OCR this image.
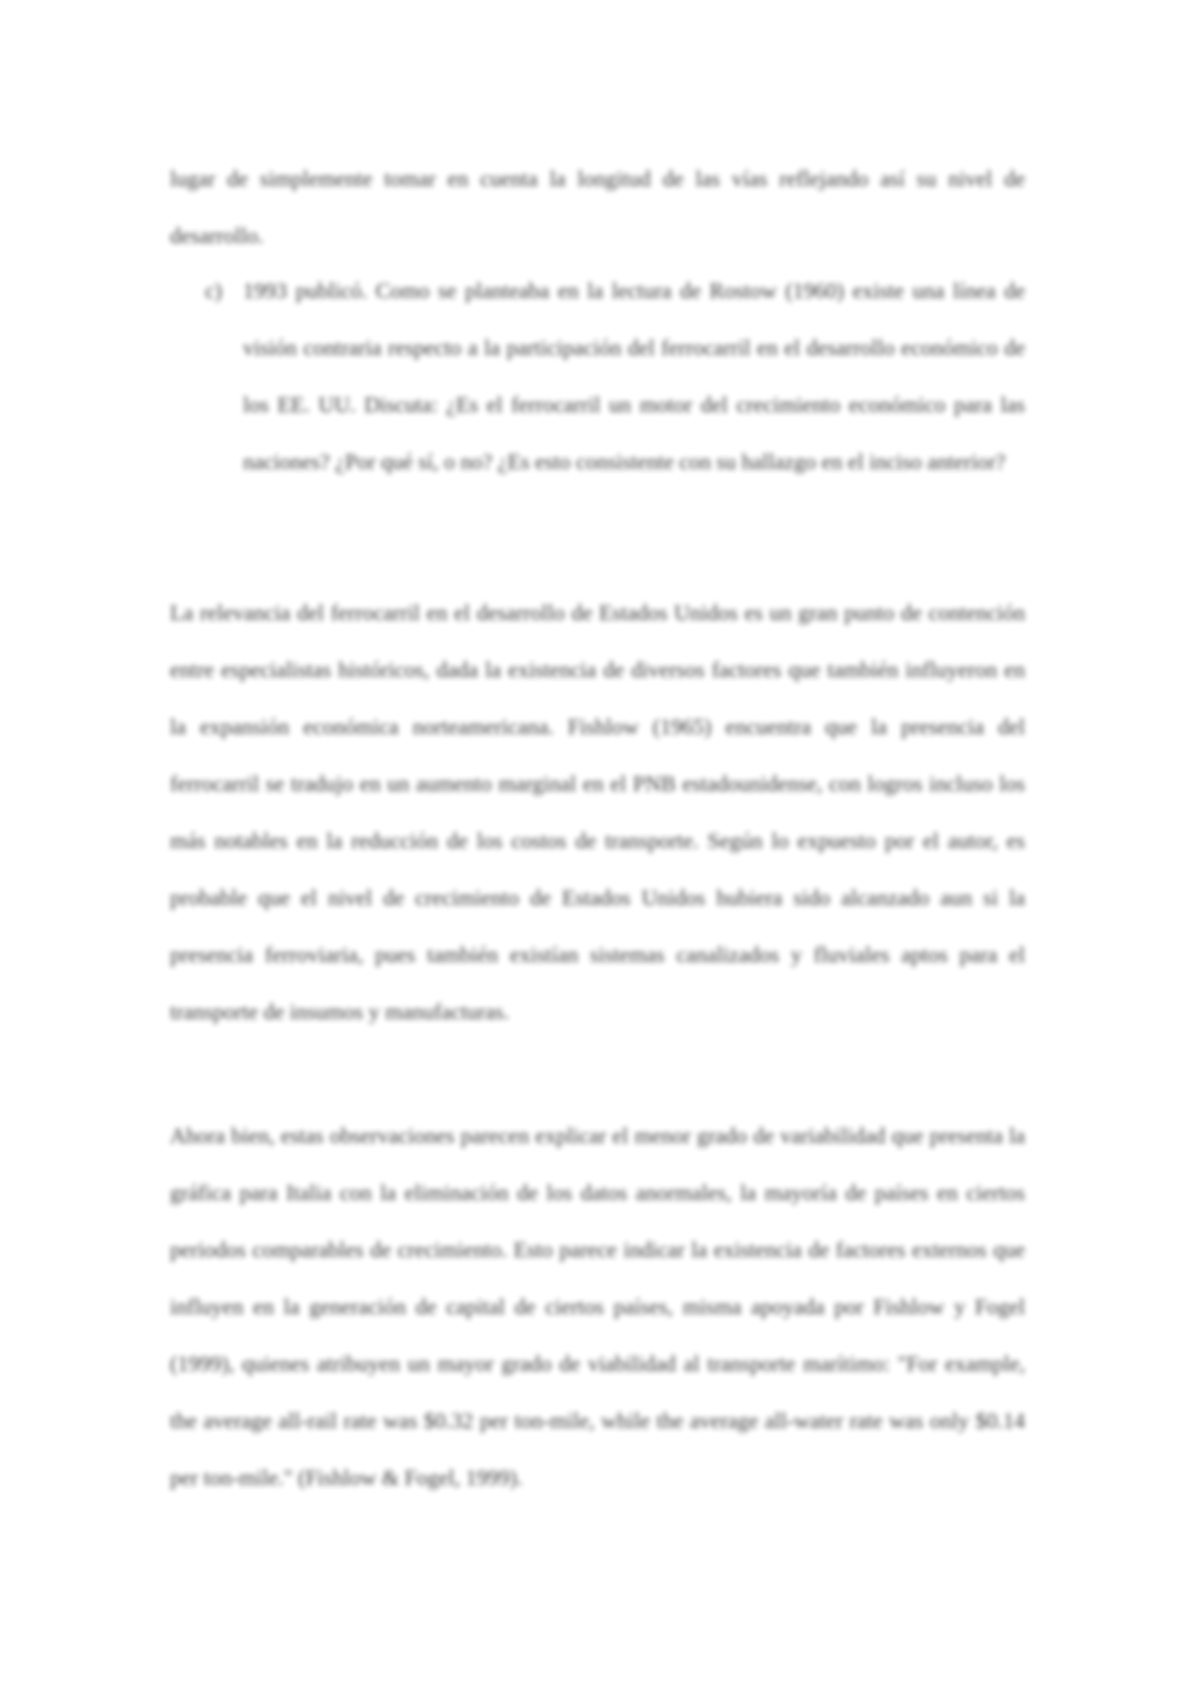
lugar de simplemente tomar en cuenta la longitud de las vías reflejando así su nivel de desarrollo.

c) 1993 publicó. Como se planteaba en la lectura de Rostow (1960) existe una línea de visión contraria respecto a la participación del ferrocarril en el desarrollo económico de los EE. UU. Discuta: ¿Es el ferrocarril un motor del crecimiento económico para las naciones? ¿Por qué sí, o no? ¿Es esto consistente con su hallazgo en el inciso anterior?

La relevancia del ferrocarril en el desarrollo de Estados Unidos es un gran punto de contención entre especialistas históricos, dada la existencia de diversos factores que también influyeron en la expansión económica norteamericana. Fishlow (1965) encuentra que la presencia del ferrocarril se tradujo en un aumento marginal en el PNB estadounidense, con logros incluso los más notables en la reducción de los costos de transporte. Según lo expuesto por el autor, es probable que el nivel de crecimiento de Estados Unidos hubiera sido alcanzado aun si la presencia ferroviaria, pues también existían sistemas canalizados y fluviales aptos para el transporte de insumos y manufacturas.

Ahora bien, estas observaciones parecen explicar el menor grado de variabilidad que presenta la gráfica para Italia con la eliminación de los datos anormales, la mayoría de países en ciertos periodos comparables de crecimiento. Esto parece indicar la existencia de factores externos que influyen en la generación de capital de ciertos países, misma apoyada por Fishlow y Fogel (1999), quienes atribuyen un mayor grado de viabilidad al transporte marítimo: "For example, the average all-rail rate was $0.32 per ton-mile, while the average all-water rate was only $0.14 per ton-mile." (Fishlow & Fogel, 1999).
